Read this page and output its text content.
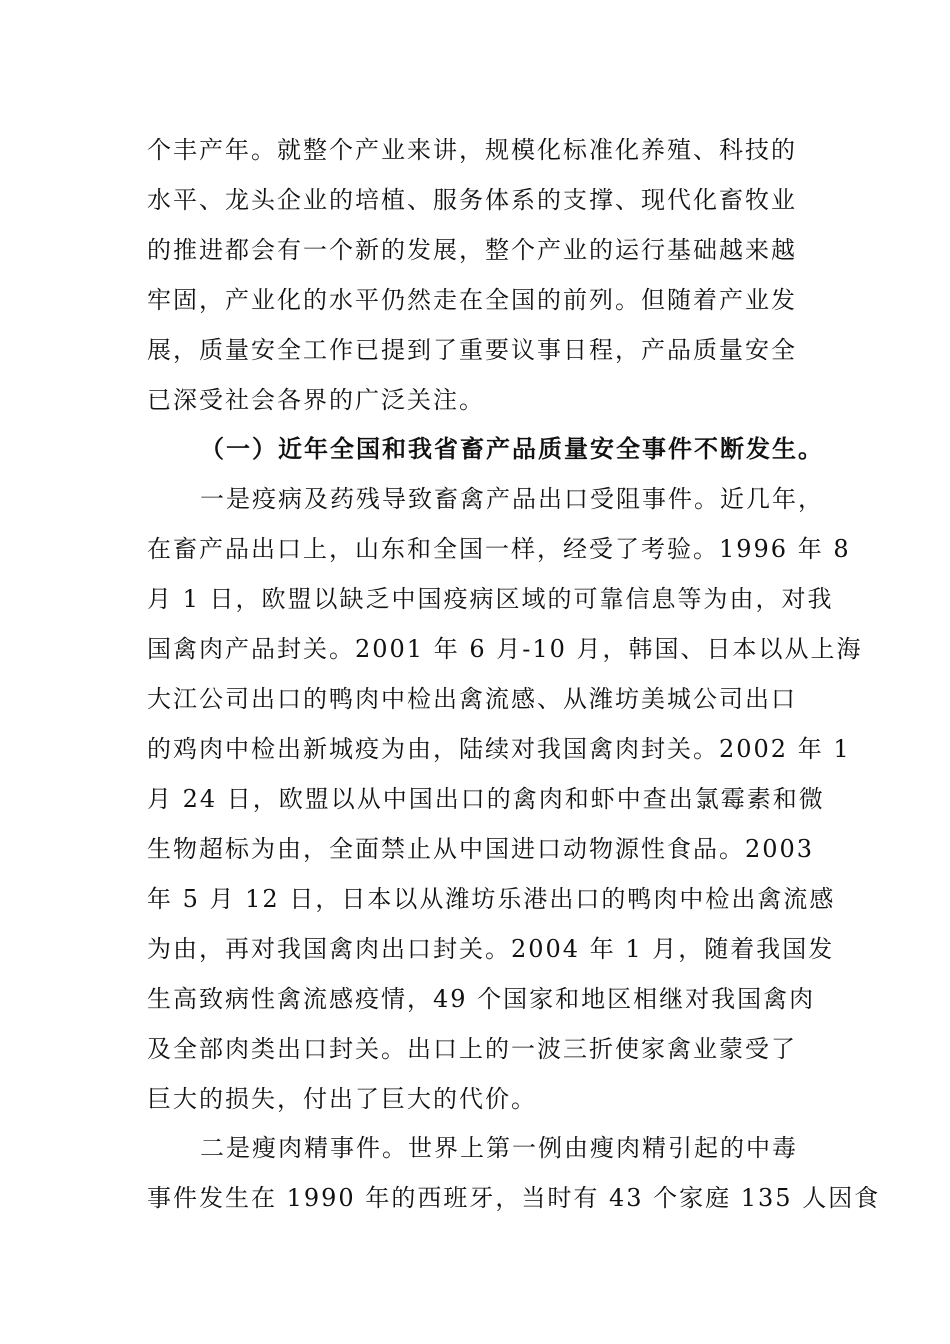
个丰产年。就整个产业来讲，规模化标准化养殖、科技的
水平、龙头企业的培植、服务体系的支撑、现代化畜牧业
的推进都会有一个新的发展，整个产业的运行基础越来越
牢固，产业化的水平仍然走在全国的前列。但随着产业发
展，质量安全工作已提到了重要议事日程，产品质量安全
已深受社会各界的广泛关注。
（一）近年全国和我省畜产品质量安全事件不断发生。
一是疫病及药残导致畜禽产品出口受阻事件。近几年，
在畜产品出口上，山东和全国一样，经受了考验。1996 年 8
月 1 日，欧盟以缺乏中国疫病区域的可靠信息等为由，对我
国禽肉产品封关。2001 年 6 月-10 月，韩国、日本以从上海
大江公司出口的鸭肉中检出禽流感、从潍坊美城公司出口
的鸡肉中检出新城疫为由，陆续对我国禽肉封关。2002 年 1
月 24 日，欧盟以从中国出口的禽肉和虾中查出氯霉素和微
生物超标为由，全面禁止从中国进口动物源性食品。2003
年 5 月 12 日，日本以从潍坊乐港出口的鸭肉中检出禽流感
为由，再对我国禽肉出口封关。2004 年 1 月，随着我国发
生高致病性禽流感疫情，49 个国家和地区相继对我国禽肉
及全部肉类出口封关。出口上的一波三折使家禽业蒙受了
巨大的损失，付出了巨大的代价。
二是瘦肉精事件。世界上第一例由瘦肉精引起的中毒
事件发生在 1990 年的西班牙，当时有 43 个家庭 135 人因食
